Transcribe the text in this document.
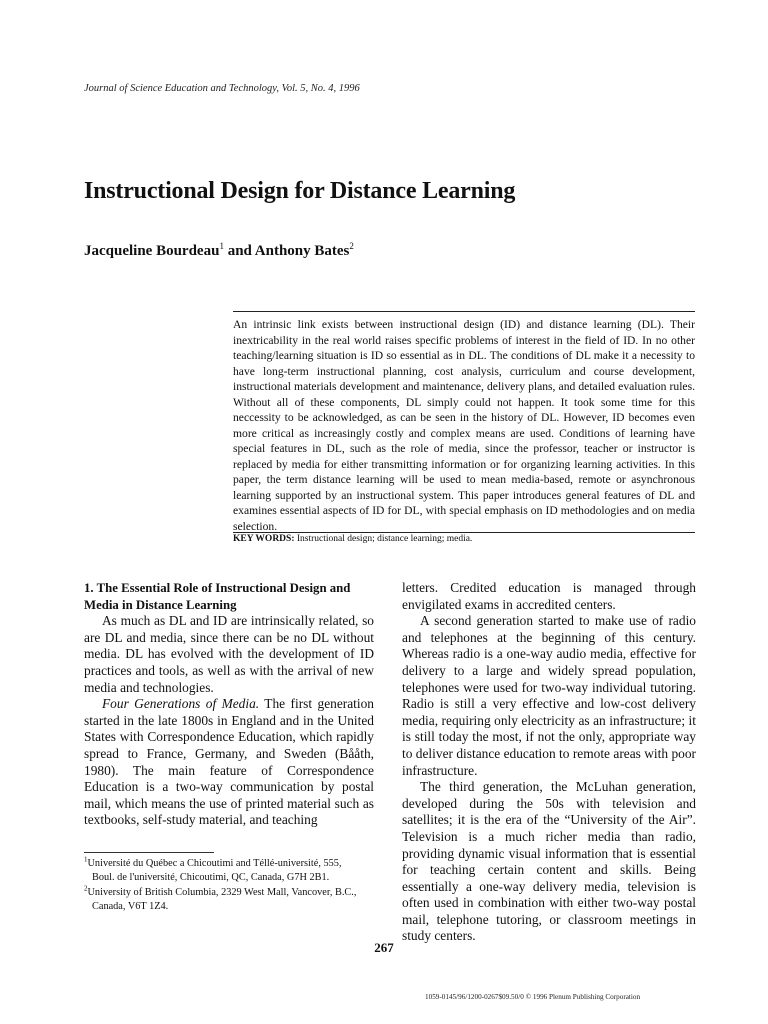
Journal of Science Education and Technology, Vol. 5, No. 4, 1996
Instructional Design for Distance Learning
Jacqueline Bourdeau$^1$ and Anthony Bates$^2$
An intrinsic link exists between instructional design (ID) and distance learning (DL). Their inextricability in the real world raises specific problems of interest in the field of ID. In no other teaching/learning situation is ID so essential as in DL. The conditions of DL make it a necessity to have long-term instructional planning, cost analysis, curriculum and course development, instructional materials development and maintenance, delivery plans, and detailed evaluation rules. Without all of these components, DL simply could not happen. It took some time for this neccessity to be acknowledged, as can be seen in the history of DL. However, ID becomes even more critical as increasingly costly and complex means are used. Conditions of learning have special features in DL, such as the role of media, since the professor, teacher or instructor is replaced by media for either transmitting information or for organizing learning activities. In this paper, the term distance learning will be used to mean media-based, remote or asynchronous learning supported by an instructional system. This paper introduces general features of DL and examines essential aspects of ID for DL, with special emphasis on ID methodologies and on media selection.
KEY WORDS: Instructional design; distance learning; media.

1. The Essential Role of Instructional Design and Media in Distance Learning

As much as DL and ID are intrinsically related, so are DL and media, since there can be no DL without media. DL has evolved with the development of ID practices and tools, as well as with the arrival of new media and technologies.

Four Generations of Media. The first generation started in the late 1800s in England and in the United States with Correspondence Education, which rapidly spread to France, Germany, and Sweden (Bååth, 1980). The main feature of Correspondence Education is a two-way communication by postal mail, which means the use of printed material such as textbooks, self-study material, and teaching

$^1$Université du Québec a Chicoutimi and Téllé-université, 555,

Boul. de l'université, Chicoutimi, QC, Canada, G7H 2B1.

$^2$University of British Columbia, 2329 West Mall, Vancover, B.C.,

Canada, V6T 1Z4.

letters. Credited education is managed through envigilated exams in accredited centers.

A second generation started to make use of radio and telephones at the beginning of this century. Whereas radio is a one-way audio media, effective for delivery to a large and widely spread population, telephones were used for two-way individual tutoring. Radio is still a very effective and low-cost delivery media, requiring only electricity as an infrastructure; it is still today the most, if not the only, appropriate way to deliver distance education to remote areas with poor infrastructure.

The third generation, the McLuhan generation, developed during the 50s with television and satellites; it is the era of the “University of the Air”. Television is a much richer media than radio, providing dynamic visual information that is essential for teaching certain content and skills. Being essentially a one-way delivery media, television is often used in combination with either two-way postal mail, telephone tutoring, or classroom meetings in study centers.

267
1059-0145/96/1200-0267$09.50/0 © 1996 Plenum Publishing Corporation
